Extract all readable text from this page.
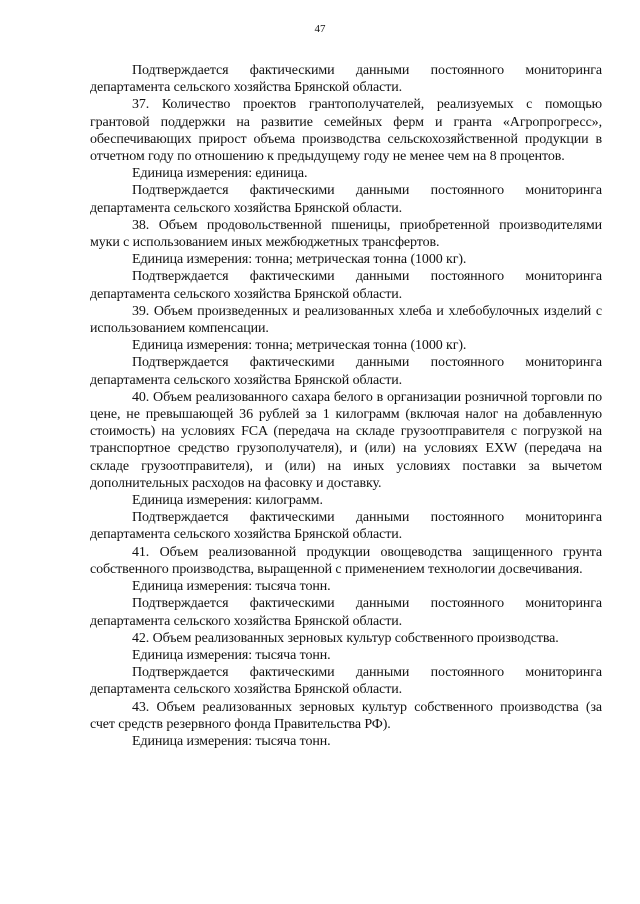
47

Подтверждается фактическими данными постоянного мониторинга департамента сельского хозяйства Брянской области.

37. Количество проектов грантополучателей, реализуемых с помощью грантовой поддержки на развитие семейных ферм и гранта «Агропрогресс», обеспечивающих прирост объема производства сельскохозяйственной продукции в отчетном году по отношению к предыдущему году не менее чем на 8 процентов.

Единица измерения: единица.

Подтверждается фактическими данными постоянного мониторинга департамента сельского хозяйства Брянской области.

38. Объем продовольственной пшеницы, приобретенной производителями муки с использованием иных межбюджетных трансфертов.

Единица измерения: тонна; метрическая тонна (1000 кг).

Подтверждается фактическими данными постоянного мониторинга департамента сельского хозяйства Брянской области.

39. Объем произведенных и реализованных хлеба и хлебобулочных изделий с использованием компенсации.

Единица измерения: тонна; метрическая тонна (1000 кг).

Подтверждается фактическими данными постоянного мониторинга департамента сельского хозяйства Брянской области.

40. Объем реализованного сахара белого в организации розничной торговли по цене, не превышающей 36 рублей за 1 килограмм (включая налог на добавленную стоимость) на условиях FCA (передача на складе грузоотправителя с погрузкой на транспортное средство грузополучателя), и (или) на условиях EXW (передача на складе грузоотправителя), и (или) на иных условиях поставки за вычетом дополнительных расходов на фасовку и доставку.

Единица измерения: килограмм.

Подтверждается фактическими данными постоянного мониторинга департамента сельского хозяйства Брянской области.

41. Объем реализованной продукции овощеводства защищенного грунта собственного производства, выращенной с применением технологии досвечивания.

Единица измерения: тысяча тонн.

Подтверждается фактическими данными постоянного мониторинга департамента сельского хозяйства Брянской области.

42. Объем реализованных зерновых культур собственного производства.

Единица измерения: тысяча тонн.

Подтверждается фактическими данными постоянного мониторинга департамента сельского хозяйства Брянской области.

43. Объем реализованных зерновых культур собственного производства (за счет средств резервного фонда Правительства РФ).

Единица измерения: тысяча тонн.
